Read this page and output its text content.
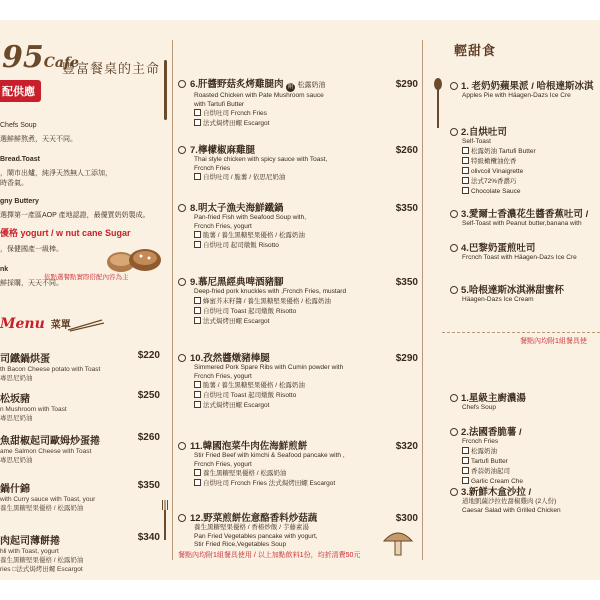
95Cafe
豐富餐桌的主命
配供應
Chefs Soup
選鮮鮮熬煮，天天不同。
Bread.Toast
，鬧市出爐，純淨天然無人工添加，
時香氣。
gny Buttery
選擇第一產區AOP 產地認證，最優質奶奶製成。
，保健國產一級棒。
nk
鮮採購，天天不同。
優格 yogurt / w nut cane Sugar
依點選餐點實際搭配內容為主
Menu 菜單
司鐵鍋烘蛋	$220
th Bacon Cheese potato with Toast
專思尼奶油
松坂豬	$250
n Mushroom with Toast
專思尼奶油
魚甜椒起司歐姆炒蛋捲	$260
ame Salmon Cheese with Toast
專思尼奶油
鍋什錦	$350
with Curry sauce with Toast, your
養生黑糖堅果優格 / 松露奶油
肉起司薄餅捲	$340
hli with Toast, yogurt
養生黑糖堅果優格 / 松露奶油
ries □法式焗烤田螺 Escargot
6.肝醬野菇炙烤雞腿肉 附 松露奶油	$290
Roasted Chicken with Pate Mushroom sauce
with Tartufi Butter
自烘吐司 Frcnch Fries
法式焗烤田螺 Escargot
7.檸檬椒麻雞腿	$260
Thai style chicken with spicy sauce with Toast,
Frcnch Fries
自烘吐司 / 脆薯 / 依思尼奶油
8.明太子漁夫海鮮鐵鍋	$350
Pan-fried Fish with Seafood Soup with,
Frcnch Fries, yogurt
脆薯 / 養生黑糖堅果優格 / 松露奶油
自烘吐司 起司燉飯 Risotto
9.慕尼黑經典啤酒豬腳	$350
Deep-fried pork knuckles with ,Frcnch Fries, mustard
蜂蜜芥末籽醬 / 養生黑糖堅果優格 / 松露奶油
自烘吐司 Toast 起司燉飯 Risotto
法式焗烤田螺 Escargot
10.孜然醬燉豬棒腿	$290
Simmered Pork Spare Ribs with Cumin powder with
Frcnch Fries, yogurt
脆薯 / 養生黑糖堅果優格 / 松露奶油
自烘吐司 Toast 起司燉飯 Risotto
法式焗烤田螺 Escargot
11.韓國泡菜牛肉佐海鮮煎餅	$320
Stir Fried Beef with kimchi & Seafood pancake with ,
Frcnch Fries, yogurt
養生黑糖堅果優格 / 松露奶油
自烘吐司 Frcnch Fries 法式焗烤田螺 Escargot
12.野菜煎餅佐意酪香料炒菇蔬	$300
養生黑糖堅果優格 / 香椿炒飯 / 芋藤素湯
Pan Fried Vegetables pancake with yogurt,
Stir Fried Rice,Vegetables Soup
餐點內均附1組餐具使用 / 以上加點飲料1份，均折清費50元
輕甜食
1. 老奶奶蘋果派 / 哈根達斯冰淇
Apples Pie with Häagen-Dazs Ice Cre
2.自烘吐司
Self-Toast
松露奶油 Tartufi Butter
特級橄欖油佐香
olivcoil Vinaigrette
法式72%香濃巧
Chocolate Sauce
3.愛爾士香濃花生醬香蕉吐司 /
Self-Toast with Peanut butter,banana with
4.巴黎奶蛋煎吐司
Frcnch Toast with Häagen-Dazs Ice Cre
5.哈根達斯冰淇淋甜蜜杯
Häagen-Dazs Ice Cream
餐點內均附1組餐具使
1.星級主廚濃湯
Chefs Soup
2.法國香脆薯 /
Frcnch Fries
松露奶油
Tartufi Butter
香蒜奶油起司
Garlic Cream Che
3.新鮮木盒沙拉 /
道地凱薩沙拉佐甜椒雞肉 (2人份)
Caesar Salad with Grilled Chicken
